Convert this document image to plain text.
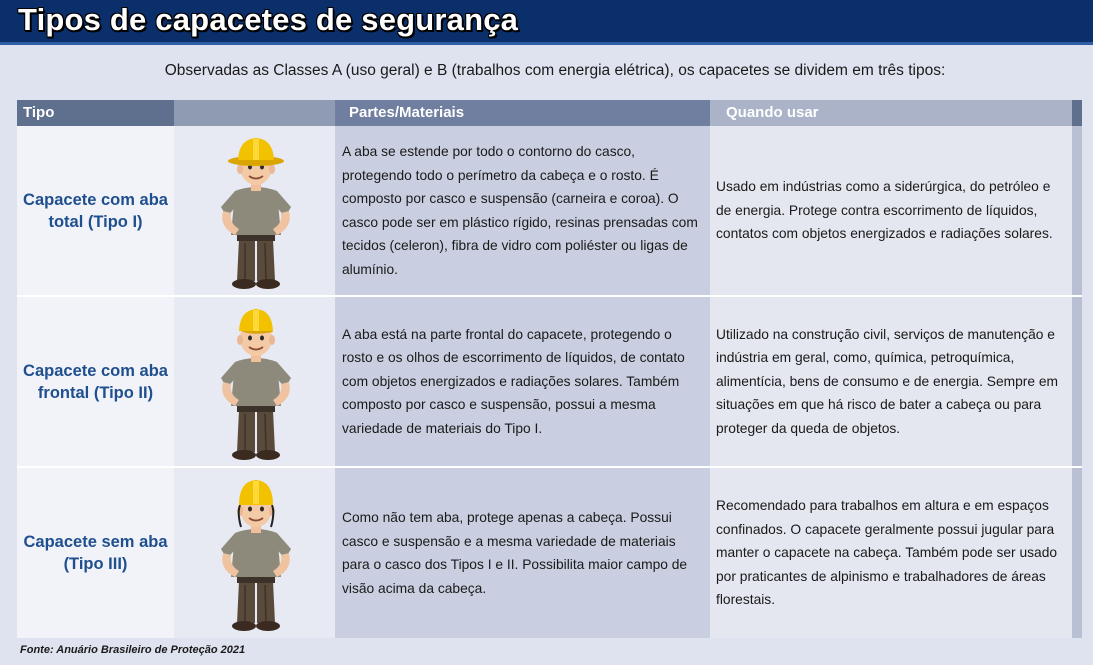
Tipos de capacetes de segurança
Observadas as Classes A (uso geral) e B (trabalhos com energia elétrica), os capacetes se dividem em três tipos:
Tipo	Partes/Materiais	Quando usar
Capacete com aba total (Tipo I)
A aba se estende por todo o contorno do casco, protegendo todo o perímetro da cabeça e o rosto. É composto por casco e suspensão (carneira e coroa). O casco pode ser em plástico rígido, resinas prensadas com tecidos (celeron), fibra de vidro com poliéster ou ligas de alumínio.
Usado em indústrias como a siderúrgica, do petróleo e de energia. Protege contra escorrimento de líquidos, contatos com objetos energizados e radiações solares.
Capacete com aba frontal (Tipo II)
A aba está na parte frontal do capacete, protegendo o rosto e os olhos de escorrimento de líquidos, de contato com objetos energizados e radiações solares. Também composto por casco e suspensão, possui a mesma variedade de materiais do Tipo I.
Utilizado na construção civil, serviços de manutenção e indústria em geral, como, química, petroquímica, alimentícia, bens de consumo e de energia. Sempre em situações em que há risco de bater a cabeça ou para proteger da queda de objetos.
Capacete sem aba (Tipo III)
Como não tem aba, protege apenas a cabeça. Possui casco e suspensão e a mesma variedade de materiais para o casco dos Tipos I e II. Possibilita maior campo de visão acima da cabeça.
Recomendado para trabalhos em altura e em espaços confinados. O capacete geralmente possui jugular para manter o capacete na cabeça. Também pode ser usado por praticantes de alpinismo e trabalhadores de áreas florestais.
Fonte: Anuário Brasileiro de Proteção 2021
